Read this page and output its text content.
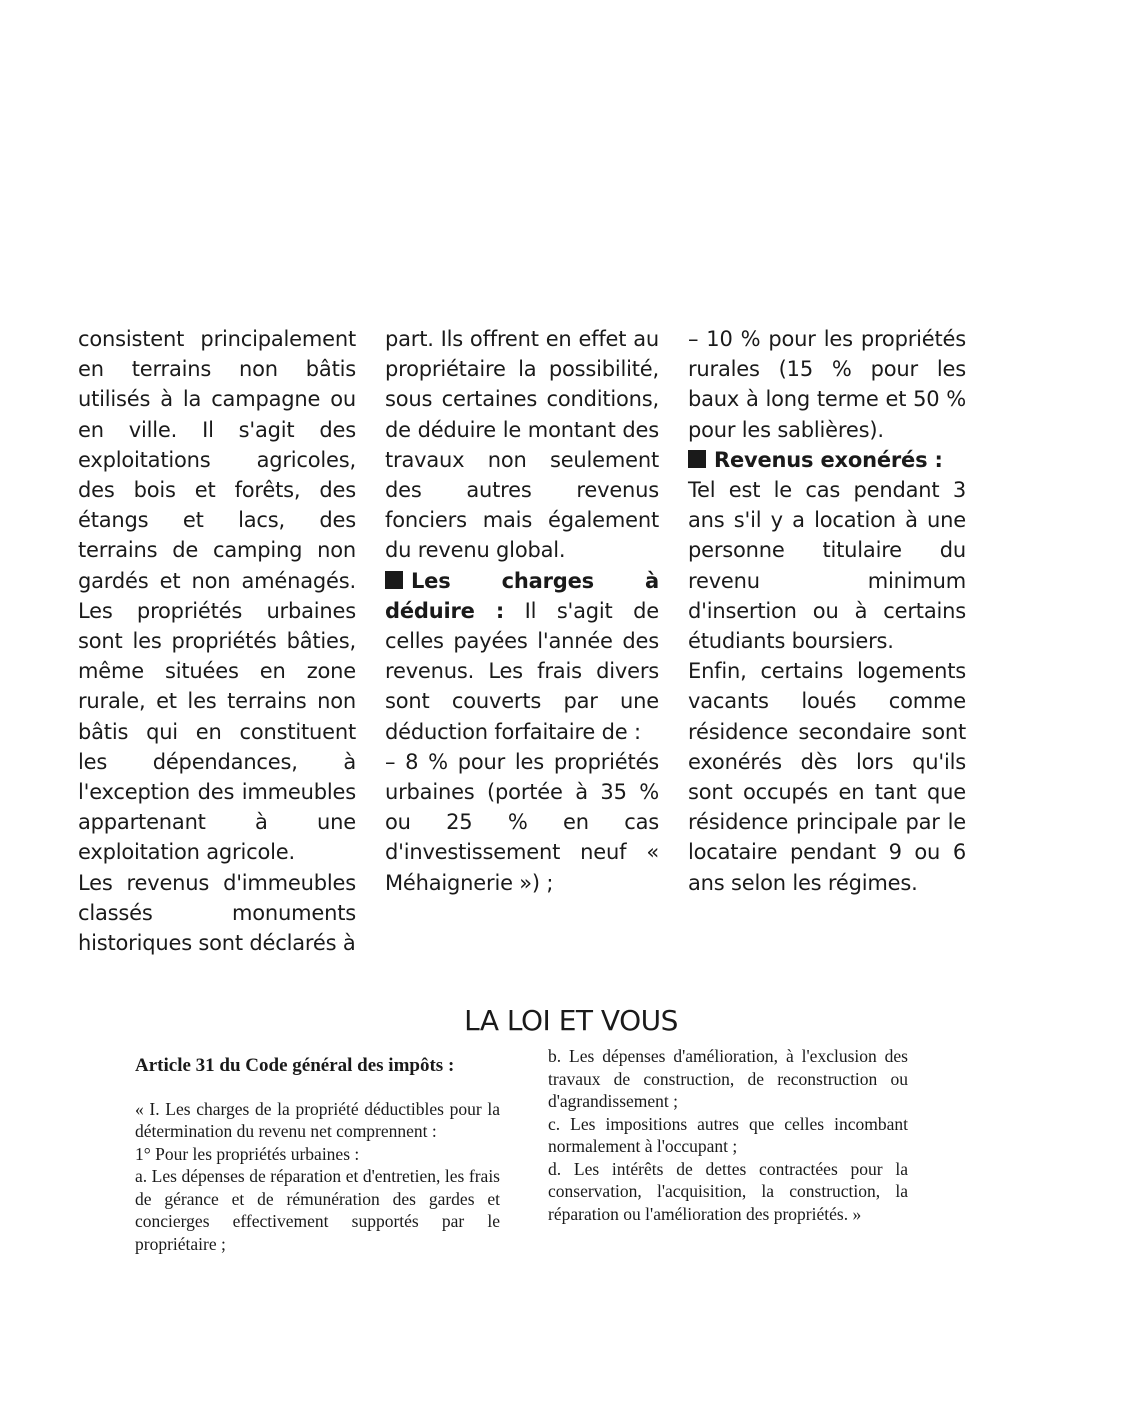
consistent principalement en terrains non bâtis utilisés à la campagne ou en ville. Il s'agit des exploitations agricoles, des bois et forêts, des étangs et lacs, des terrains de camping non gardés et non aménagés. Les propriétés urbaines sont les propriétés bâties, même situées en zone rurale, et les terrains non bâtis qui en constituent les dépendances, à l'exception des immeubles appartenant à une exploitation agricole.

Les revenus d'immeubles classés monuments historiques sont déclarés à

part. Ils offrent en effet au propriétaire la possibilité, sous certaines conditions, de déduire le montant des travaux non seulement des autres revenus fonciers mais également du revenu global.

Les charges à déduire : Il s'agit de celles payées l'année des revenus. Les frais divers sont couverts par une déduction forfaitaire de :

– 8 % pour les propriétés urbaines (portée à 35 % ou 25 % en cas d'investissement neuf « Méhaignerie ») ;

– 10 % pour les propriétés rurales (15 % pour les baux à long terme et 50 % pour les sablières).

Revenus exonérés :

Tel est le cas pendant 3 ans s'il y a location à une personne titulaire du revenu minimum d'insertion ou à certains étudiants boursiers.

Enfin, certains logements vacants loués comme résidence secondaire sont exonérés dès lors qu'ils sont occupés en tant que résidence principale par le locataire pendant 9 ou 6 ans selon les régimes.

LA LOI ET VOUS

Article 31 du Code général des impôts :

« I. Les charges de la propriété déductibles pour la détermination du revenu net comprennent :

1° Pour les propriétés urbaines :

a. Les dépenses de réparation et d'entretien, les frais de gérance et de rémunération des gardes et concierges effectivement supportés par le propriétaire ;

b. Les dépenses d'amélioration, à l'exclusion des travaux de construction, de reconstruction ou d'agrandissement ;

c. Les impositions autres que celles incombant normalement à l'occupant ;

d. Les intérêts de dettes contractées pour la conservation, l'acquisition, la construction, la réparation ou l'amélioration des propriétés. »
